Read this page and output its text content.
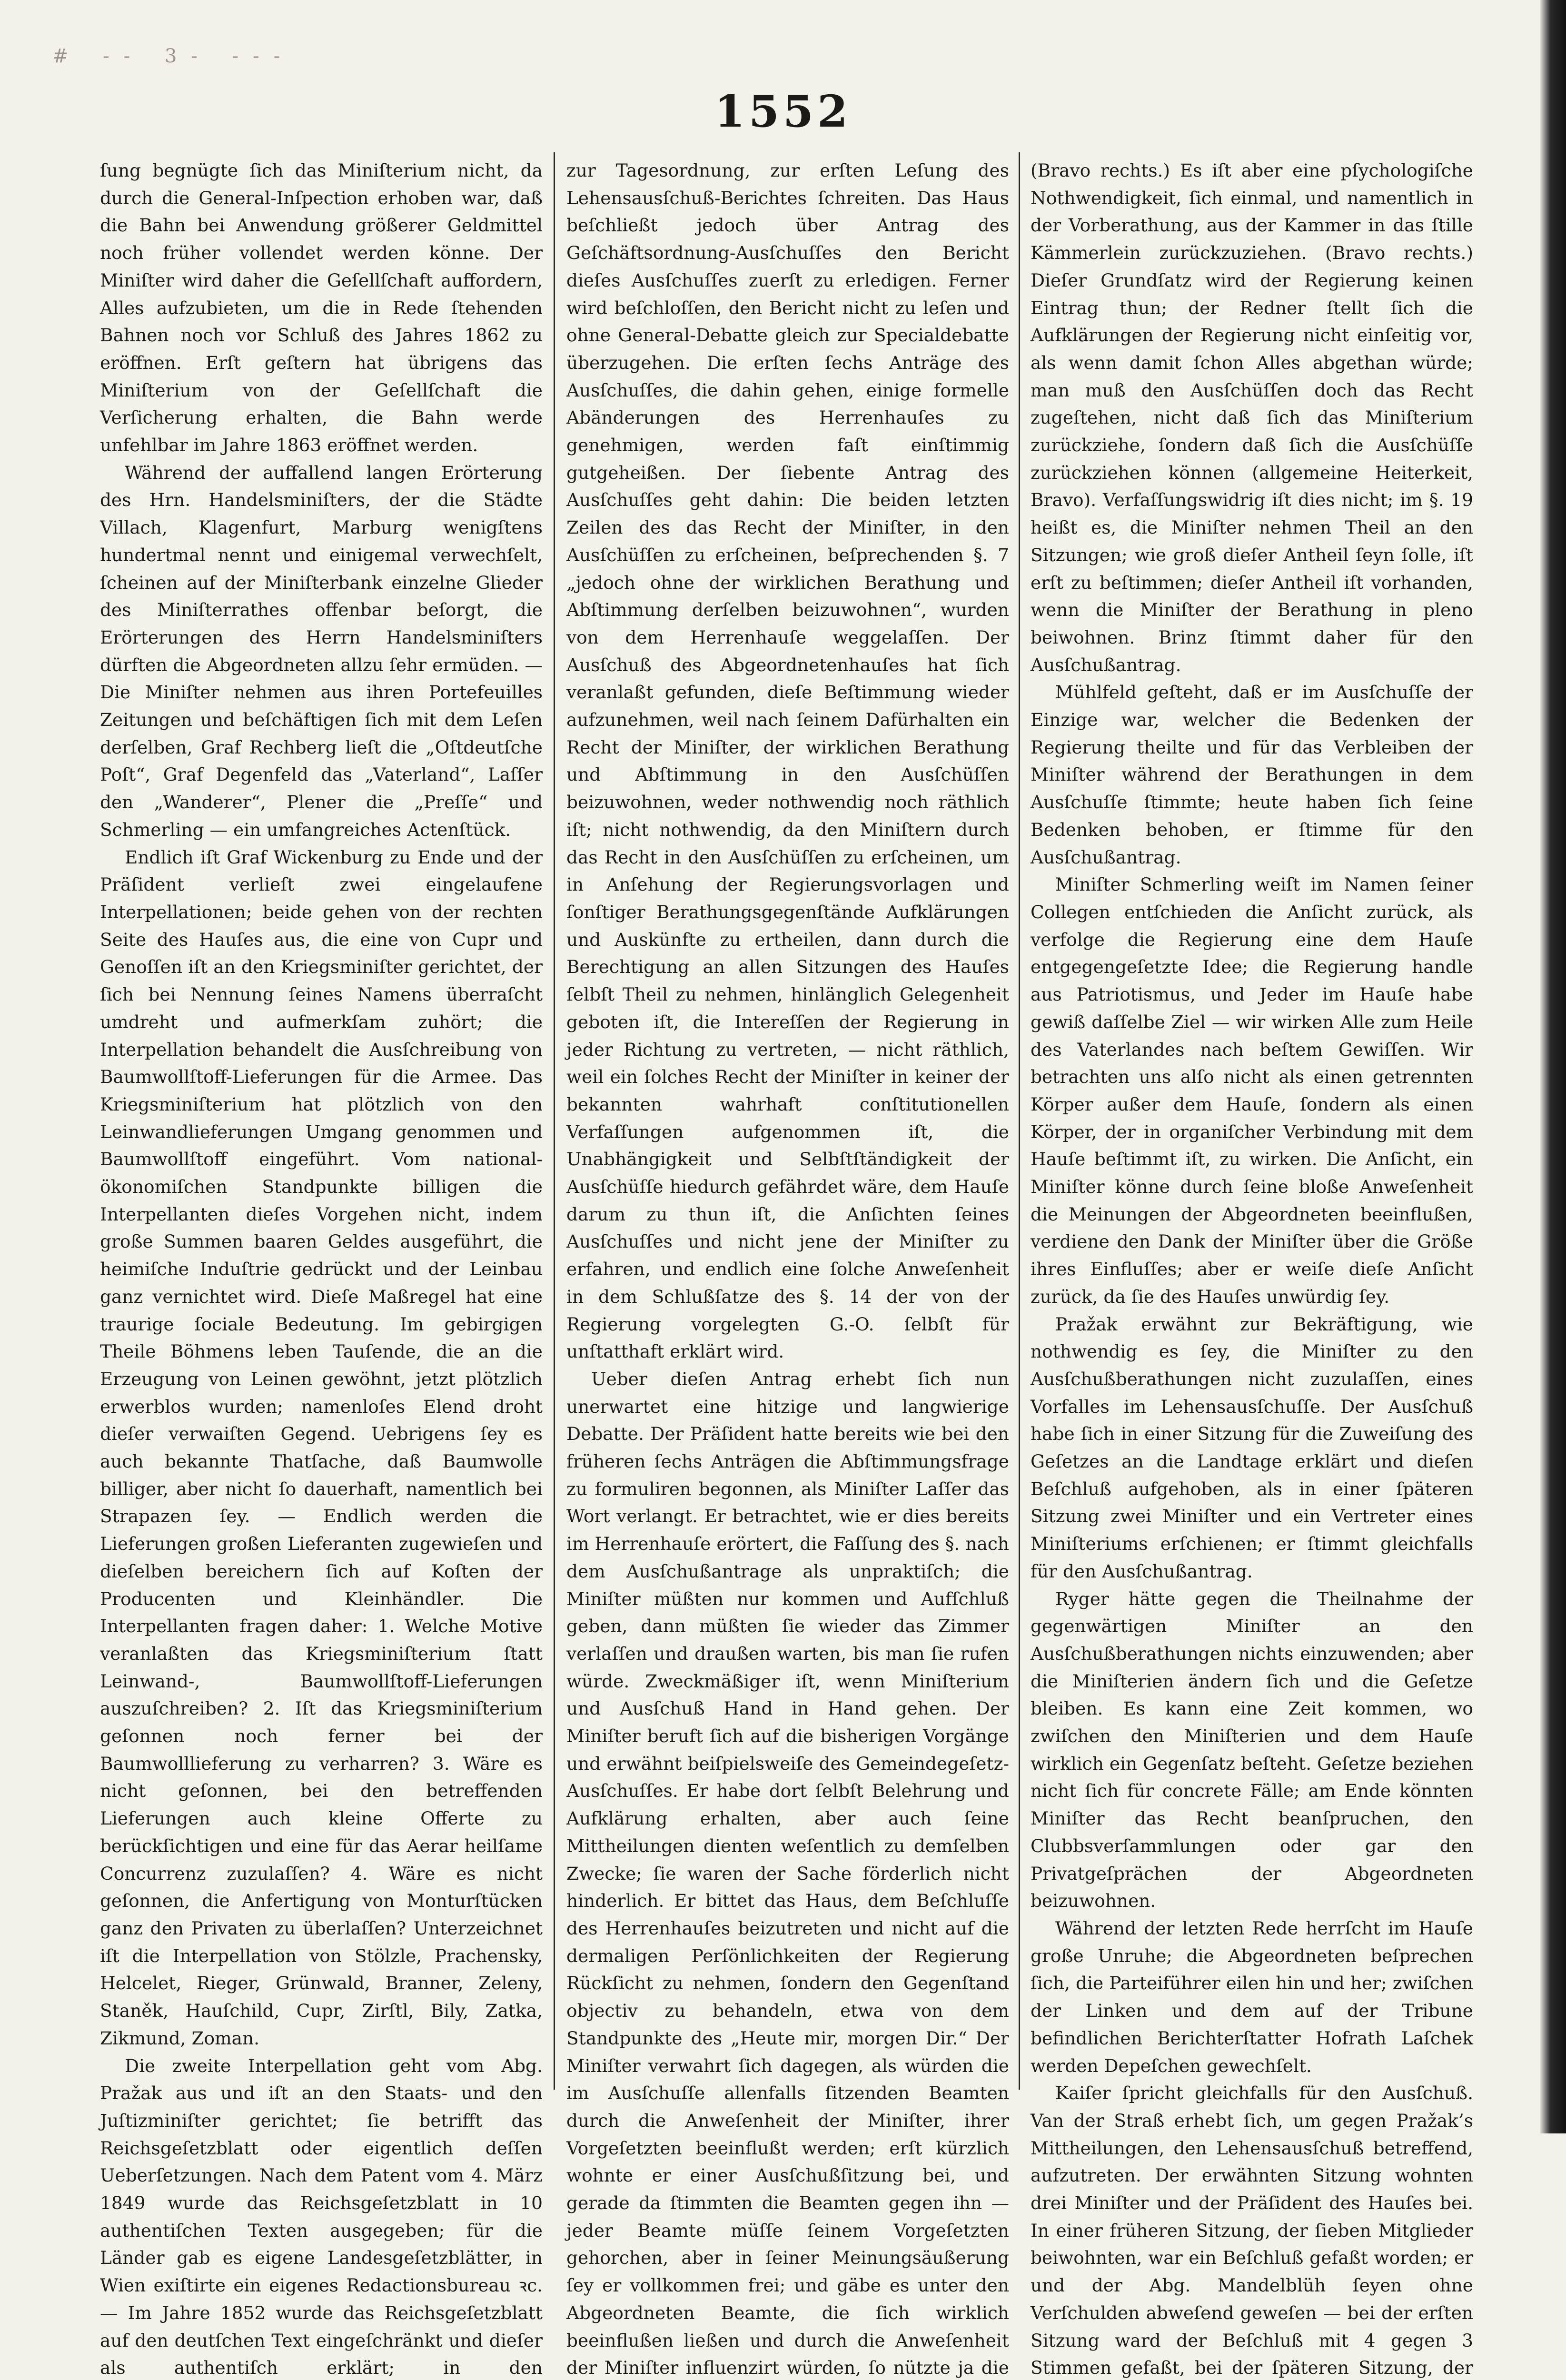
# -- 3- ---
1552

ſung begnügte ſich das Miniſterium nicht, da durch die General-Inſpection erhoben war, daß die Bahn bei Anwendung größerer Geldmittel noch früher vollendet werden könne. Der Miniſter wird daher die Geſellſchaft auffordern, Alles aufzubieten, um die in Rede ſtehenden Bahnen noch vor Schluß des Jahres 1862 zu eröffnen. Erſt geſtern hat übrigens das Miniſterium von der Geſellſchaft die Verſicherung erhalten, die Bahn werde unfehlbar im Jahre 1863 eröffnet werden.

Während der auffallend langen Erörterung des Hrn. Handelsminiſters, der die Städte Villach, Klagenfurt, Marburg wenigſtens hundertmal nennt und einigemal verwechſelt, ſcheinen auf der Miniſterbank einzelne Glieder des Miniſterrathes offenbar beſorgt, die Erörterungen des Herrn Handelsminiſters dürften die Abgeordneten allzu ſehr ermüden. — Die Miniſter nehmen aus ihren Portefeuilles Zeitungen und beſchäftigen ſich mit dem Leſen derſelben, Graf Rechberg lieſt die „Oſtdeutſche Poſt“, Graf Degenfeld das „Vaterland“, Laſſer den „Wanderer“, Plener die „Preſſe“ und Schmerling — ein umfangreiches Actenſtück.

Endlich iſt Graf Wickenburg zu Ende und der Präſident verlieſt zwei eingelaufene Interpellationen; beide gehen von der rechten Seite des Hauſes aus, die eine von Cupr und Genoſſen iſt an den Kriegsminiſter gerichtet, der ſich bei Nennung ſeines Namens überraſcht umdreht und aufmerkſam zuhört; die Interpellation behandelt die Ausſchreibung von Baumwollſtoff-Lieferungen für die Armee. Das Kriegsminiſterium hat plötzlich von den Leinwandlieferungen Umgang genommen und Baumwollſtoff eingeführt. Vom national-ökonomiſchen Standpunkte billigen die Interpellanten dieſes Vorgehen nicht, indem große Summen baaren Geldes ausgeführt, die heimiſche Induſtrie gedrückt und der Leinbau ganz vernichtet wird. Dieſe Maßregel hat eine traurige ſociale Bedeutung. Im gebirgigen Theile Böhmens leben Tauſende, die an die Erzeugung von Leinen gewöhnt, jetzt plötzlich erwerblos wurden; namenloſes Elend droht dieſer verwaiſten Gegend. Uebrigens ſey es auch bekannte Thatſache, daß Baumwolle billiger, aber nicht ſo dauerhaft, namentlich bei Strapazen ſey. — Endlich werden die Lieferungen großen Lieferanten zugewieſen und dieſelben bereichern ſich auf Koſten der Producenten und Kleinhändler. Die Interpellanten fragen daher: 1. Welche Motive veranlaßten das Kriegsminiſterium ſtatt Leinwand-, Baumwollſtoff-Lieferungen auszuſchreiben? 2. Iſt das Kriegsminiſterium geſonnen noch ferner bei der Baumwolllieferung zu verharren? 3. Wäre es nicht geſonnen, bei den betreffenden Lieferungen auch kleine Offerte zu berückſichtigen und eine für das Aerar heilſame Concurrenz zuzulaſſen? 4. Wäre es nicht geſonnen, die Anfertigung von Monturſtücken ganz den Privaten zu überlaſſen? Unterzeichnet iſt die Interpellation von Stölzle, Prachensky, Helcelet, Rieger, Grünwald, Branner, Zeleny, Staněk, Hauſchild, Cupr, Zirſtl, Bily, Zatka, Zikmund, Zoman.

Die zweite Interpellation geht vom Abg. Pražak aus und iſt an den Staats- und den Juſtizminiſter gerichtet; ſie betrifft das Reichsgeſetzblatt oder eigentlich deſſen Ueberſetzungen. Nach dem Patent vom 4. März 1849 wurde das Reichsgeſetzblatt in 10 authentiſchen Texten ausgegeben; für die Länder gab es eigene Landesgeſetzblätter, in Wien exiſtirte ein eigenes Redactionsbureau ꝛc. — Im Jahre 1852 wurde das Reichsgeſetzblatt auf den deutſchen Text eingeſchränkt und dieſer als authentiſch erklärt; in den

zur Tagesordnung, zur erſten Leſung des Lehensausſchuß-Berichtes ſchreiten. Das Haus beſchließt jedoch über Antrag des Geſchäftsordnung-Ausſchuſſes den Bericht dieſes Ausſchuſſes zuerſt zu erledigen. Ferner wird beſchloſſen, den Bericht nicht zu leſen und ohne General-Debatte gleich zur Specialdebatte überzugehen. Die erſten ſechs Anträge des Ausſchuſſes, die dahin gehen, einige formelle Abänderungen des Herrenhauſes zu genehmigen, werden faſt einſtimmig gutgeheißen. Der ſiebente Antrag des Ausſchuſſes geht dahin: Die beiden letzten Zeilen des das Recht der Miniſter, in den Ausſchüſſen zu erſcheinen, beſprechenden §. 7 „jedoch ohne der wirklichen Berathung und Abſtimmung derſelben beizuwohnen“, wurden von dem Herrenhauſe weggelaſſen. Der Ausſchuß des Abgeordnetenhauſes hat ſich veranlaßt gefunden, dieſe Beſtimmung wieder aufzunehmen, weil nach ſeinem Dafürhalten ein Recht der Miniſter, der wirklichen Berathung und Abſtimmung in den Ausſchüſſen beizuwohnen, weder nothwendig noch räthlich iſt; nicht nothwendig, da den Miniſtern durch das Recht in den Ausſchüſſen zu erſcheinen, um in Anſehung der Regierungsvorlagen und ſonſtiger Berathungsgegenſtände Aufklärungen und Auskünfte zu ertheilen, dann durch die Berechtigung an allen Sitzungen des Hauſes ſelbſt Theil zu nehmen, hinlänglich Gelegenheit geboten iſt, die Intereſſen der Regierung in jeder Richtung zu vertreten, — nicht räthlich, weil ein ſolches Recht der Miniſter in keiner der bekannten wahrhaft conſtitutionellen Verfaſſungen aufgenommen iſt, die Unabhängigkeit und Selbſtſtändigkeit der Ausſchüſſe hiedurch gefährdet wäre, dem Hauſe darum zu thun iſt, die Anſichten ſeines Ausſchuſſes und nicht jene der Miniſter zu erfahren, und endlich eine ſolche Anweſenheit in dem Schlußſatze des §. 14 der von der Regierung vorgelegten G.-O. ſelbſt für unſtatthaft erklärt wird.

Ueber dieſen Antrag erhebt ſich nun unerwartet eine hitzige und langwierige Debatte. Der Präſident hatte bereits wie bei den früheren ſechs Anträgen die Abſtimmungsfrage zu formuliren begonnen, als Miniſter Laſſer das Wort verlangt. Er betrachtet, wie er dies bereits im Herrenhauſe erörtert, die Faſſung des §. nach dem Ausſchußantrage als unpraktiſch; die Miniſter müßten nur kommen und Aufſchluß geben, dann müßten ſie wieder das Zimmer verlaſſen und draußen warten, bis man ſie rufen würde. Zweckmäßiger iſt, wenn Miniſterium und Ausſchuß Hand in Hand gehen. Der Miniſter beruft ſich auf die bisherigen Vorgänge und erwähnt beiſpielsweiſe des Gemeindegeſetz-Ausſchuſſes. Er habe dort ſelbſt Belehrung und Aufklärung erhalten, aber auch ſeine Mittheilungen dienten weſentlich zu demſelben Zwecke; ſie waren der Sache förderlich nicht hinderlich. Er bittet das Haus, dem Beſchluſſe des Herrenhauſes beizutreten und nicht auf die dermaligen Perſönlichkeiten der Regierung Rückſicht zu nehmen, ſondern den Gegenſtand objectiv zu behandeln, etwa von dem Standpunkte des „Heute mir, morgen Dir.“ Der Miniſter verwahrt ſich dagegen, als würden die im Ausſchuſſe allenfalls ſitzenden Beamten durch die Anweſenheit der Miniſter, ihrer Vorgeſetzten beeinflußt werden; erſt kürzlich wohnte er einer Ausſchußſitzung bei, und gerade da ſtimmten die Beamten gegen ihn — jeder Beamte müſſe ſeinem Vorgeſetzten gehorchen, aber in ſeiner Meinungsäußerung ſey er vollkommen frei; und gäbe es unter den Abgeordneten Beamte, die ſich wirklich beeinflußen ließen und durch die Anweſenheit der Miniſter influenzirt würden, ſo nützte ja die

(Bravo rechts.) Es iſt aber eine pſychologiſche Nothwendigkeit, ſich einmal, und namentlich in der Vorberathung, aus der Kammer in das ſtille Kämmerlein zurückzuziehen. (Bravo rechts.) Dieſer Grundſatz wird der Regierung keinen Eintrag thun; der Redner ſtellt ſich die Aufklärungen der Regierung nicht einſeitig vor, als wenn damit ſchon Alles abgethan würde; man muß den Ausſchüſſen doch das Recht zugeſtehen, nicht daß ſich das Miniſterium zurückziehe, ſondern daß ſich die Ausſchüſſe zurückziehen können (allgemeine Heiterkeit, Bravo). Verfaſſungswidrig iſt dies nicht; im §. 19 heißt es, die Miniſter nehmen Theil an den Sitzungen; wie groß dieſer Antheil ſeyn ſolle, iſt erſt zu beſtimmen; dieſer Antheil iſt vorhanden, wenn die Miniſter der Berathung in pleno beiwohnen. Brinz ſtimmt daher für den Ausſchußantrag.

Mühlfeld geſteht, daß er im Ausſchuſſe der Einzige war, welcher die Bedenken der Regierung theilte und für das Verbleiben der Miniſter während der Berathungen in dem Ausſchuſſe ſtimmte; heute haben ſich ſeine Bedenken behoben, er ſtimme für den Ausſchußantrag.

Miniſter Schmerling weiſt im Namen ſeiner Collegen entſchieden die Anſicht zurück, als verfolge die Regierung eine dem Hauſe entgegengeſetzte Idee; die Regierung handle aus Patriotismus, und Jeder im Hauſe habe gewiß daſſelbe Ziel — wir wirken Alle zum Heile des Vaterlandes nach beſtem Gewiſſen. Wir betrachten uns alſo nicht als einen getrennten Körper außer dem Hauſe, ſondern als einen Körper, der in organiſcher Verbindung mit dem Hauſe beſtimmt iſt, zu wirken. Die Anſicht, ein Miniſter könne durch ſeine bloße Anweſenheit die Meinungen der Abgeordneten beeinflußen, verdiene den Dank der Miniſter über die Größe ihres Einfluſſes; aber er weiſe dieſe Anſicht zurück, da ſie des Hauſes unwürdig ſey.

Pražak erwähnt zur Bekräftigung, wie nothwendig es ſey, die Miniſter zu den Ausſchußberathungen nicht zuzulaſſen, eines Vorfalles im Lehensausſchuſſe. Der Ausſchuß habe ſich in einer Sitzung für die Zuweiſung des Geſetzes an die Landtage erklärt und dieſen Beſchluß aufgehoben, als in einer ſpäteren Sitzung zwei Miniſter und ein Vertreter eines Miniſteriums erſchienen; er ſtimmt gleichfalls für den Ausſchußantrag.

Ryger hätte gegen die Theilnahme der gegenwärtigen Miniſter an den Ausſchußberathungen nichts einzuwenden; aber die Miniſterien ändern ſich und die Geſetze bleiben. Es kann eine Zeit kommen, wo zwiſchen den Miniſterien und dem Hauſe wirklich ein Gegenſatz beſteht. Geſetze beziehen nicht ſich für concrete Fälle; am Ende könnten Miniſter das Recht beanſpruchen, den Clubbsverſammlungen oder gar den Privatgeſprächen der Abgeordneten beizuwohnen.

Während der letzten Rede herrſcht im Hauſe große Unruhe; die Abgeordneten beſprechen ſich, die Parteiführer eilen hin und her; zwiſchen der Linken und dem auf der Tribune befindlichen Berichterſtatter Hofrath Laſchek werden Depeſchen gewechſelt.

Kaiſer ſpricht gleichfalls für den Ausſchuß. Van der Straß erhebt ſich, um gegen Pražak’s Mittheilungen, den Lehensausſchuß betreffend, aufzutreten. Der erwähnten Sitzung wohnten drei Miniſter und der Präſident des Hauſes bei. In einer früheren Sitzung, der ſieben Mitglieder beiwohnten, war ein Beſchluß gefaßt worden; er und der Abg. Mandelblüh ſeyen ohne Verſchulden abweſend geweſen — bei der erſten Sitzung ward der Beſchluß mit 4 gegen 3 Stimmen gefaßt, bei der ſpäteren Sitzung, der
